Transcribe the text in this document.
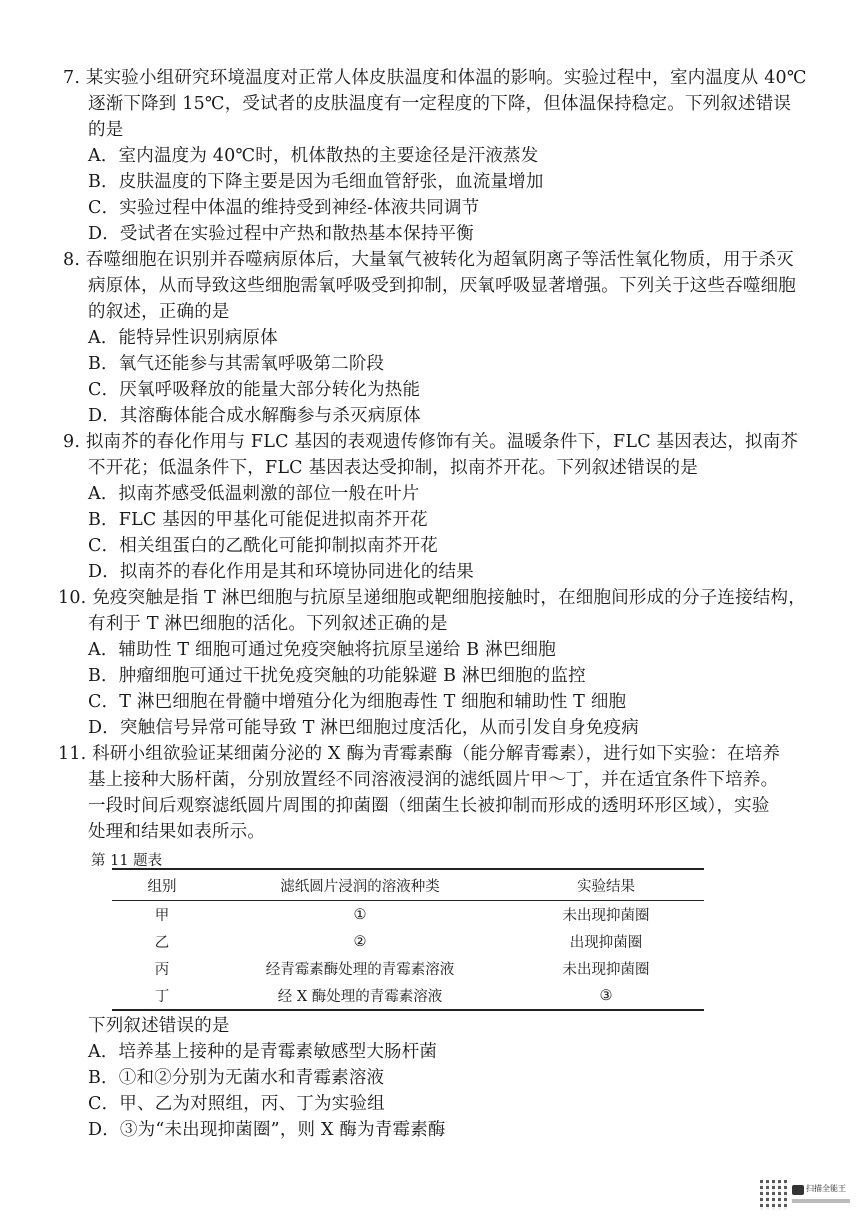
7. 某实验小组研究环境温度对正常人体皮肤温度和体温的影响。实验过程中，室内温度从 40℃
逐渐下降到 15℃，受试者的皮肤温度有一定程度的下降，但体温保持稳定。下列叙述错误
的是
A．室内温度为 40℃时，机体散热的主要途径是汗液蒸发
B．皮肤温度的下降主要是因为毛细血管舒张，血流量增加
C．实验过程中体温的维持受到神经-体液共同调节
D．受试者在实验过程中产热和散热基本保持平衡
8. 吞噬细胞在识别并吞噬病原体后，大量氧气被转化为超氧阴离子等活性氧化物质，用于杀灭
病原体，从而导致这些细胞需氧呼吸受到抑制，厌氧呼吸显著增强。下列关于这些吞噬细胞
的叙述，正确的是
A．能特异性识别病原体
B．氧气还能参与其需氧呼吸第二阶段
C．厌氧呼吸释放的能量大部分转化为热能
D．其溶酶体能合成水解酶参与杀灭病原体
9. 拟南芥的春化作用与 FLC 基因的表观遗传修饰有关。温暖条件下，FLC 基因表达，拟南芥
不开花；低温条件下，FLC 基因表达受抑制，拟南芥开花。下列叙述错误的是
A．拟南芥感受低温刺激的部位一般在叶片
B．FLC 基因的甲基化可能促进拟南芥开花
C．相关组蛋白的乙酰化可能抑制拟南芥开花
D．拟南芥的春化作用是其和环境协同进化的结果
10. 免疫突触是指 T 淋巴细胞与抗原呈递细胞或靶细胞接触时，在细胞间形成的分子连接结构，
有利于 T 淋巴细胞的活化。下列叙述正确的是
A．辅助性 T 细胞可通过免疫突触将抗原呈递给 B 淋巴细胞
B．肿瘤细胞可通过干扰免疫突触的功能躲避 B 淋巴细胞的监控
C．T 淋巴细胞在骨髓中增殖分化为细胞毒性 T 细胞和辅助性 T 细胞
D．突触信号异常可能导致 T 淋巴细胞过度活化，从而引发自身免疫病
11. 科研小组欲验证某细菌分泌的 X 酶为青霉素酶（能分解青霉素），进行如下实验：在培养
基上接种大肠杆菌，分别放置经不同溶液浸润的滤纸圆片甲～丁，并在适宜条件下培养。
一段时间后观察滤纸圆片周围的抑菌圈（细菌生长被抑制而形成的透明环形区域），实验
处理和结果如表所示。
第 11 题表
组别	滤纸圆片浸润的溶液种类	实验结果
甲	①	未出现抑菌圈
乙	②	出现抑菌圈
丙	经青霉素酶处理的青霉素溶液	未出现抑菌圈
丁	经 X 酶处理的青霉素溶液	③
下列叙述错误的是
A．培养基上接种的是青霉素敏感型大肠杆菌
B．①和②分别为无菌水和青霉素溶液
C．甲、乙为对照组，丙、丁为实验组
D．③为“未出现抑菌圈”，则 X 酶为青霉素酶
扫描全能王
